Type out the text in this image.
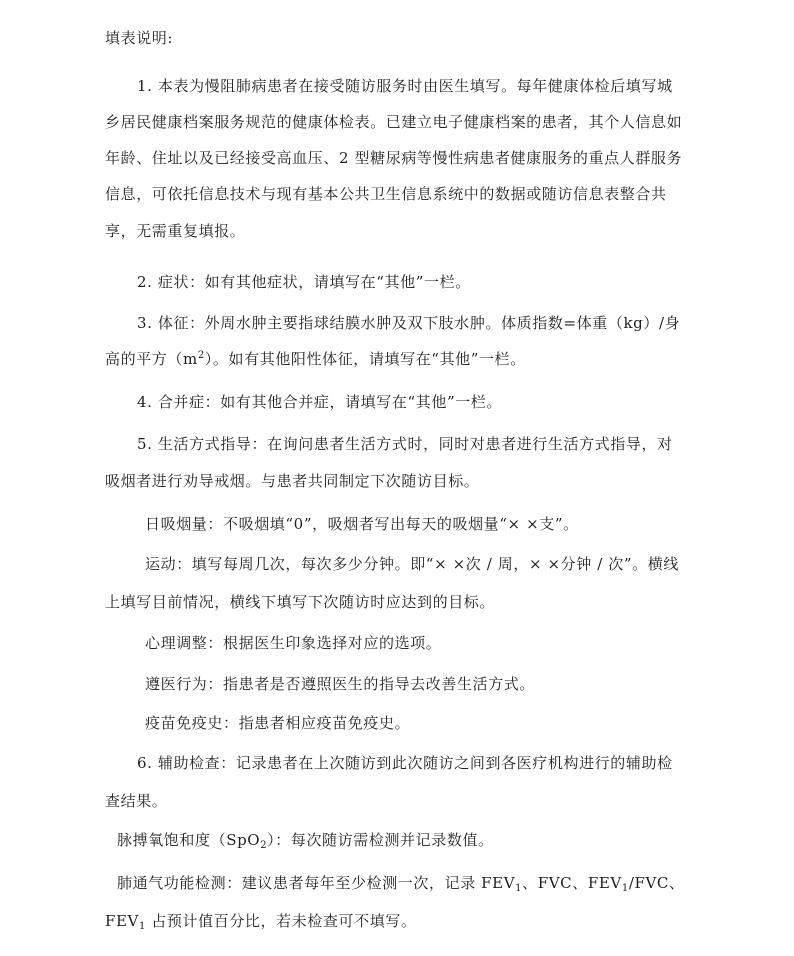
填表说明:
1. 本表为慢阻肺病患者在接受随访服务时由医生填写。每年健康体检后填写城
乡居民健康档案服务规范的健康体检表。已建立电子健康档案的患者，其个人信息如
年龄、住址以及已经接受高血压、2 型糖尿病等慢性病患者健康服务的重点人群服务
信息，可依托信息技术与现有基本公共卫生信息系统中的数据或随访信息表整合共
享，无需重复填报。
2. 症状：如有其他症状，请填写在“其他”一栏。
3. 体征：外周水肿主要指球结膜水肿及双下肢水肿。体质指数=体重（kg）/身
高的平方$(m^2)$。如有其他阳性体征，请填写在“其他”一栏。
4. 合并症：如有其他合并症，请填写在“其他”一栏。
5. 生活方式指导：在询问患者生活方式时，同时对患者进行生活方式指导，对
吸烟者进行劝导戒烟。与患者共同制定下次随访目标。
日吸烟量：不吸烟填“0”，吸烟者写出每天的吸烟量“× ×支”。
运动：填写每周几次，每次多少分钟。即“× ×次 / 周，× ×分钟 / 次”。横线
上填写目前情况，横线下填写下次随访时应达到的目标。
心理调整：根据医生印象选择对应的选项。
遵医行为：指患者是否遵照医生的指导去改善生活方式。
疫苗免疫史：指患者相应疫苗免疫史。
6. 辅助检查：记录患者在上次随访到此次随访之间到各医疗机构进行的辅助检
查结果。
脉搏氧饱和度（SpO$_2$）：每次随访需检测并记录数值。
肺通气功能检测：建议患者每年至少检测一次，记录 $FEV_1$、FVC、$FEV_1$/FVC、
$FEV_1$ 占预计值百分比，若未检查可不填写。
